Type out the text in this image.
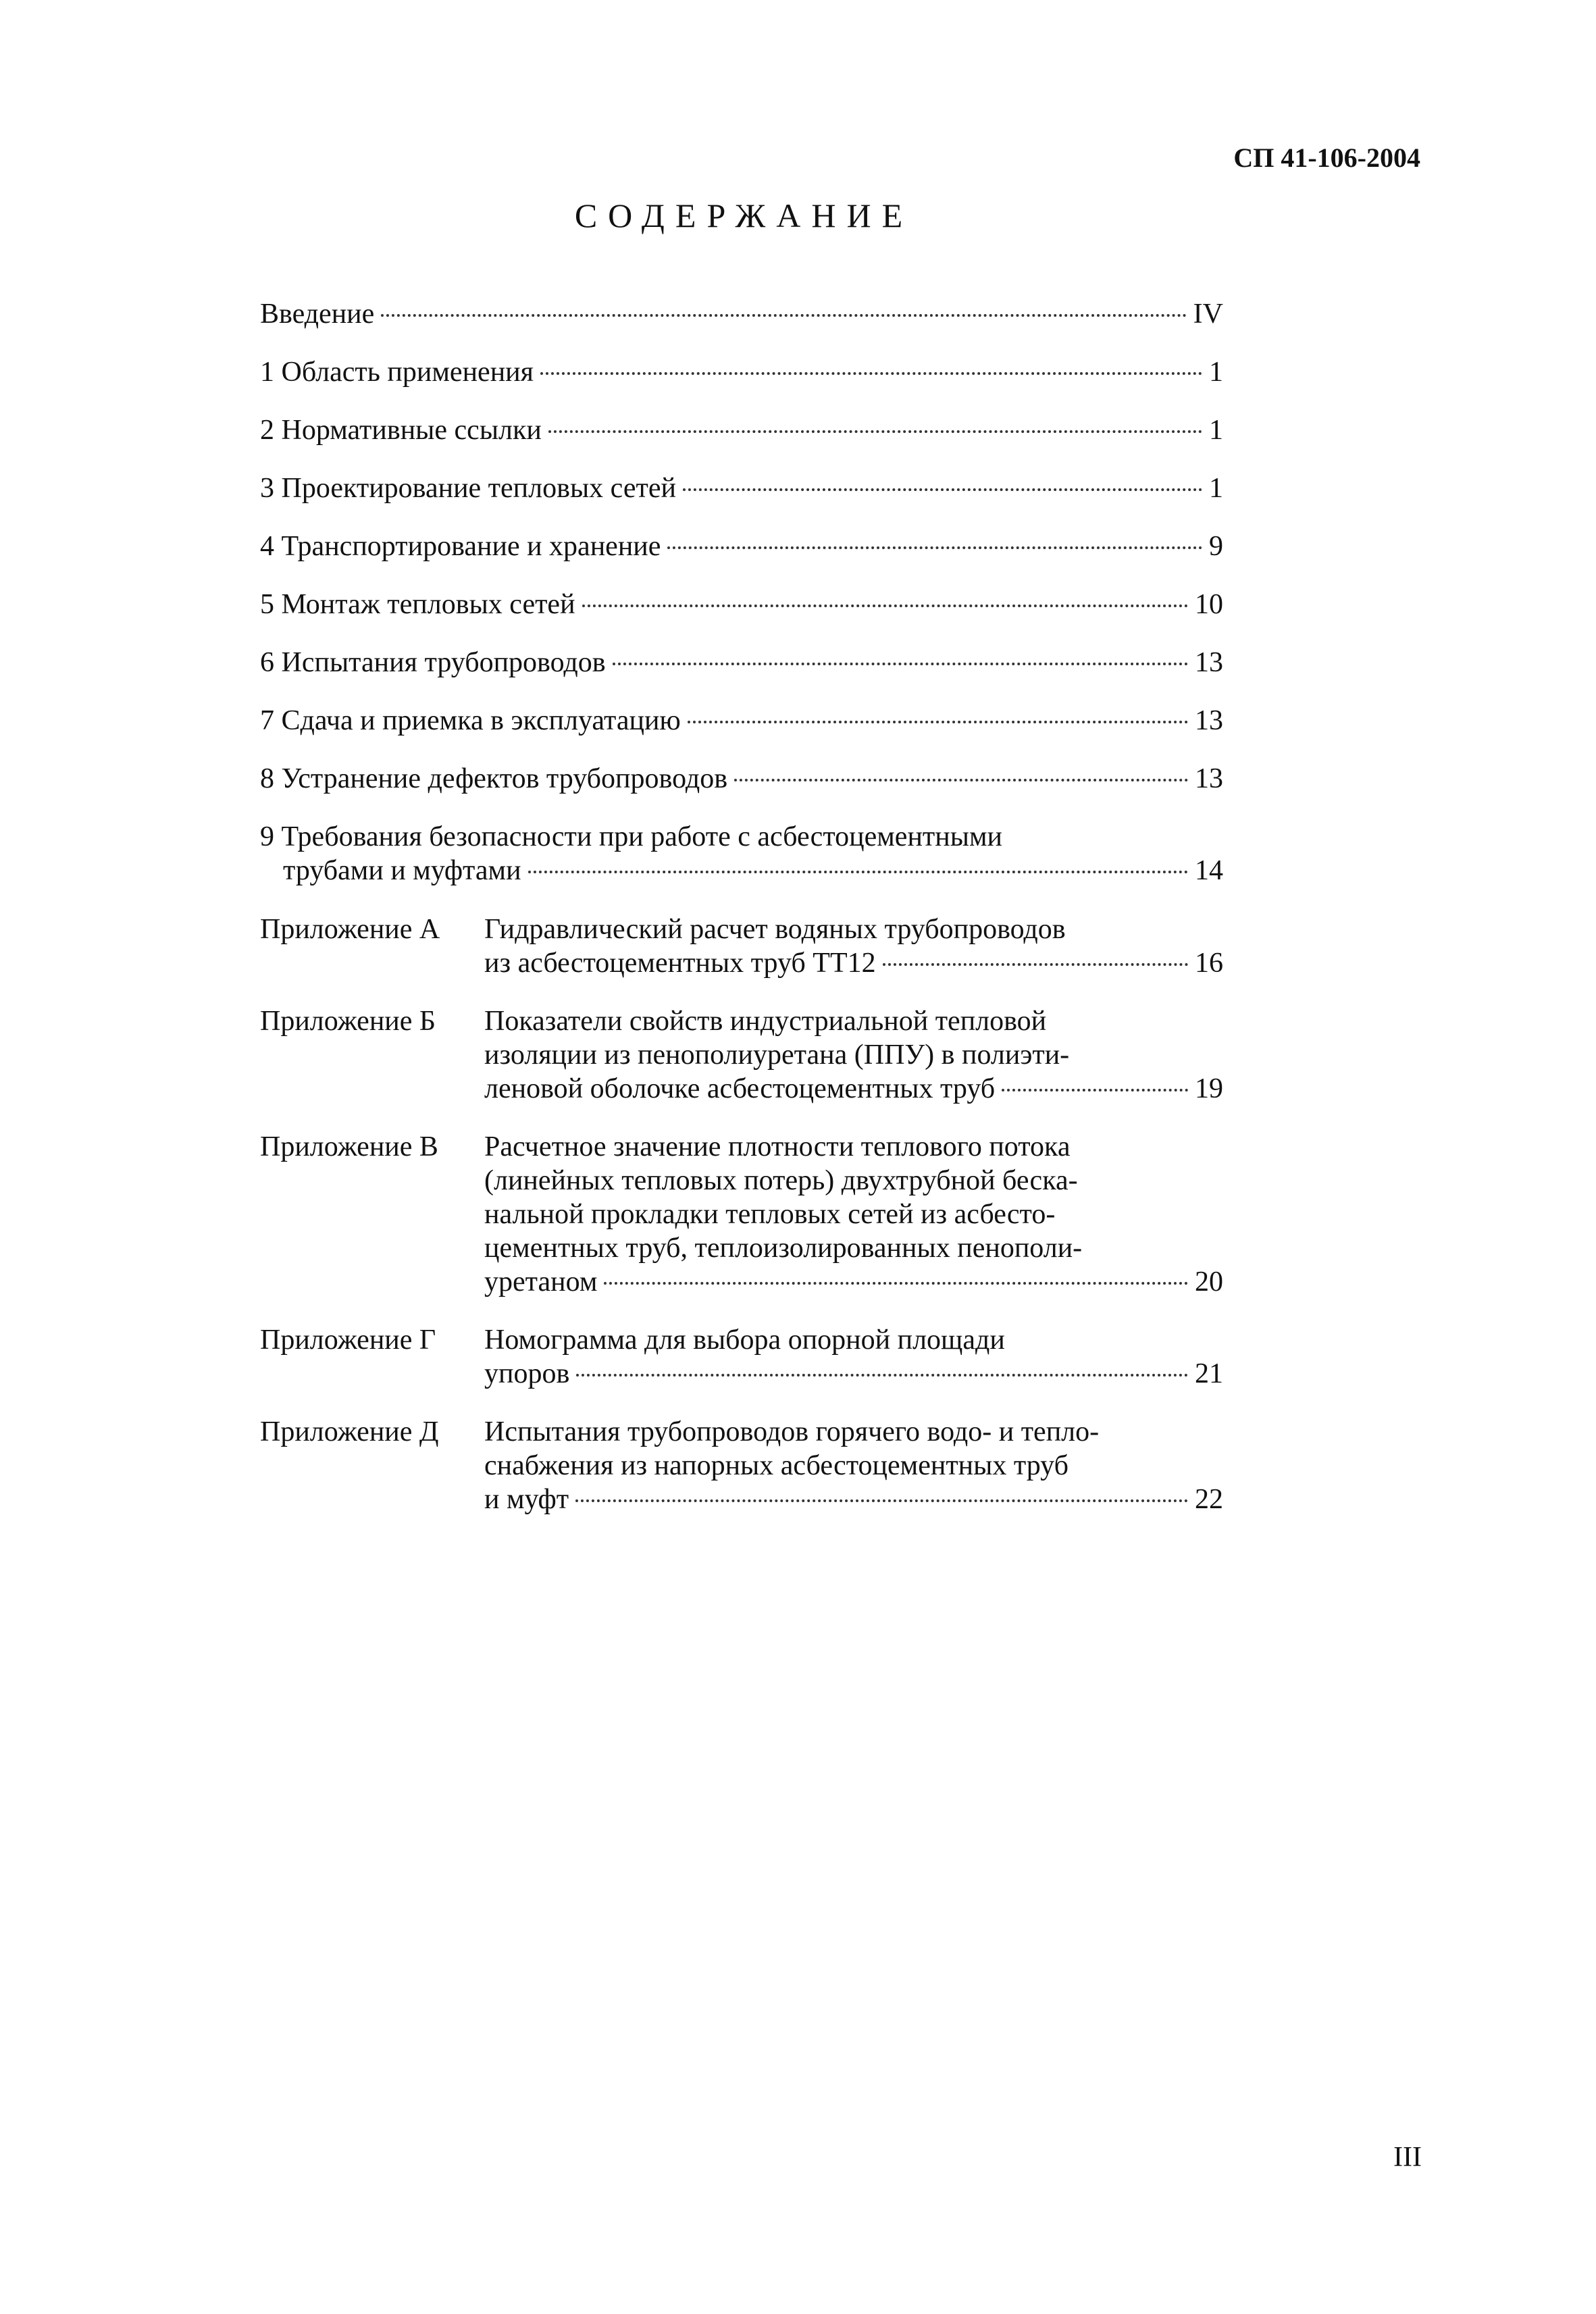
СП 41-106-2004

СОДЕРЖАНИЕ
Введение	IV
1 Область применения	1
2 Нормативные ссылки	1
3 Проектирование тепловых сетей	1
4 Транспортирование и хранение	9
5 Монтаж тепловых сетей	10
6 Испытания трубопроводов	13
7 Сдача и приемка в эксплуатацию	13
8 Устранение дефектов трубопроводов	13
9 Требования безопасности при работе с асбестоцементными
трубами и муфтами	14
Приложение А	Гидравлический расчет водяных трубопроводов
из асбестоцементных труб ТТ12	16
Приложение Б	Показатели свойств индустриальной тепловой
изоляции из пенополиуретана (ППУ) в полиэти-
леновой оболочке асбестоцементных труб	19
Приложение В	Расчетное значение плотности теплового потока
(линейных тепловых потерь) двухтрубной беска-
нальной прокладки тепловых сетей из асбесто-
цементных труб, теплоизолированных пенополи-
уретаном	20
Приложение Г	Номограмма для выбора опорной площади
упоров	21
Приложение Д	Испытания трубопроводов горячего водо- и тепло-
снабжения из напорных асбестоцементных труб
и муфт	22

III
